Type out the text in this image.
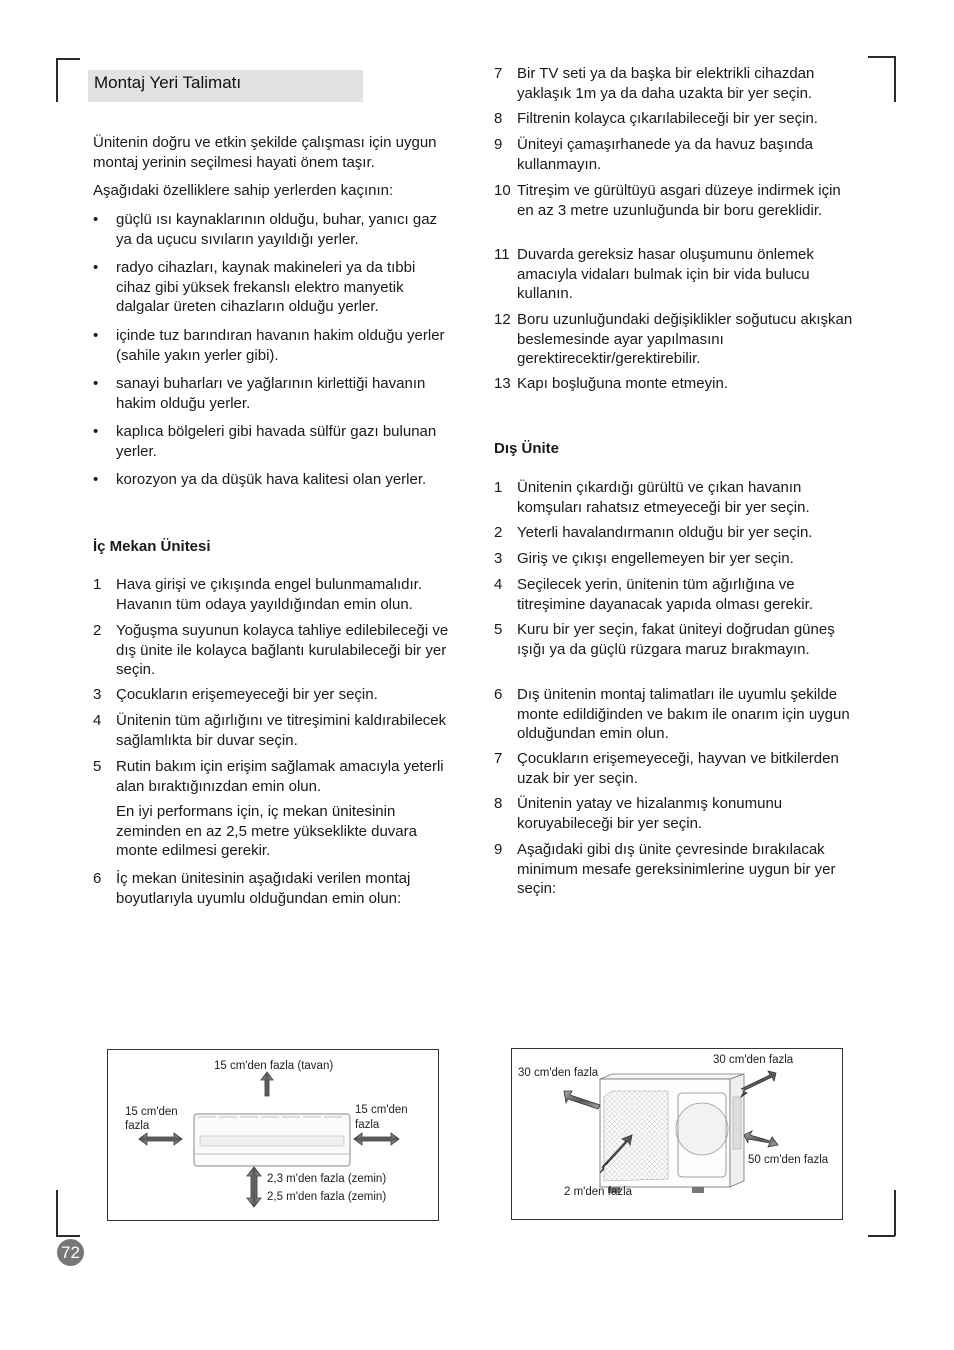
Montaj Yeri Talimatı

Ünitenin doğru ve etkin şekilde çalışması için uygun montaj yerinin seçilmesi hayati önem taşır.

Aşağıdaki özelliklere sahip yerlerden kaçının:

• güçlü ısı kaynaklarının olduğu, buhar, yanıcı gaz ya da uçucu sıvıların yayıldığı yerler.
• radyo cihazları, kaynak makineleri ya da tıbbi cihaz gibi yüksek frekanslı elektro manyetik dalgalar üreten cihazların olduğu yerler.
• içinde tuz barındıran havanın hakim olduğu yerler (sahile yakın yerler gibi).
• sanayi buharları ve yağlarının kirlettiği havanın hakim olduğu yerler.
• kaplıca bölgeleri gibi havada sülfür gazı bulunan yerler.
• korozyon ya da düşük hava kalitesi olan yerler.
İç Mekan Ünitesi
1 Hava girişi ve çıkışında engel bulunmamalıdır. Havanın tüm odaya yayıldığından emin olun.
2 Yoğuşma suyunun kolayca tahliye edilebileceği ve dış ünite ile kolayca bağlantı kurulabileceği bir yer seçin.
3 Çocukların erişemeyeceği bir yer seçin.
4 Ünitenin tüm ağırlığını ve titreşimini kaldırabilecek sağlamlıkta bir duvar seçin.
5 Rutin bakım için erişim sağlamak amacıyla yeterli alan bıraktığınızdan emin olun.
En iyi performans için, iç mekan ünitesinin zeminden en az 2,5 metre yükseklikte duvara monte edilmesi gerekir.
6 İç mekan ünitesinin aşağıdaki verilen montaj boyutlarıyla uyumlu olduğundan emin olun:
7 Bir TV seti ya da başka bir elektrikli cihazdan yaklaşık 1m ya da daha uzakta bir yer seçin.
8 Filtrenin kolayca çıkarılabileceği bir yer seçin.
9 Üniteyi çamaşırhanede ya da havuz başında kullanmayın.
10 Titreşim ve gürültüyü asgari düzeye indirmek için en az 3 metre uzunluğunda bir boru gereklidir.
11 Duvarda gereksiz hasar oluşumunu önlemek amacıyla vidaları bulmak için bir vida bulucu kullanın.
12 Boru uzunluğundaki değişiklikler soğutucu akışkan beslemesinde ayar yapılmasını gerektirecektir/gerektirebilir.
13 Kapı boşluğuna monte etmeyin.
Dış Ünite
1 Ünitenin çıkardığı gürültü ve çıkan havanın komşuları rahatsız etmeyeceği bir yer seçin.
2 Yeterli havalandırmanın olduğu bir yer seçin.
3 Giriş ve çıkışı engellemeyen bir yer seçin.
4 Seçilecek yerin, ünitenin tüm ağırlığına ve titreşimine dayanacak yapıda olması gerekir.
5 Kuru bir yer seçin, fakat üniteyi doğrudan güneş ışığı ya da güçlü rüzgara maruz bırakmayın.
6 Dış ünitenin montaj talimatları ile uyumlu şekilde monte edildiğinden ve bakım ile onarım için uygun olduğundan emin olun.
7 Çocukların erişemeyeceği, hayvan ve bitkilerden uzak bir yer seçin.
8 Ünitenin yatay ve hizalanmış konumunu koruyabileceği bir yer seçin.
9 Aşağıdaki gibi dış ünite çevresinde bırakılacak minimum mesafe gereksinimlerine uygun bir yer seçin:
15 cm'den fazla (tavan)
15 cm'den
fazla
15 cm'den
fazla
2,3 m'den fazla (zemin)
2,5 m'den fazla (zemin)
30 cm'den fazla
30 cm'den fazla
50 cm'den fazla
2 m'den fazla
72
